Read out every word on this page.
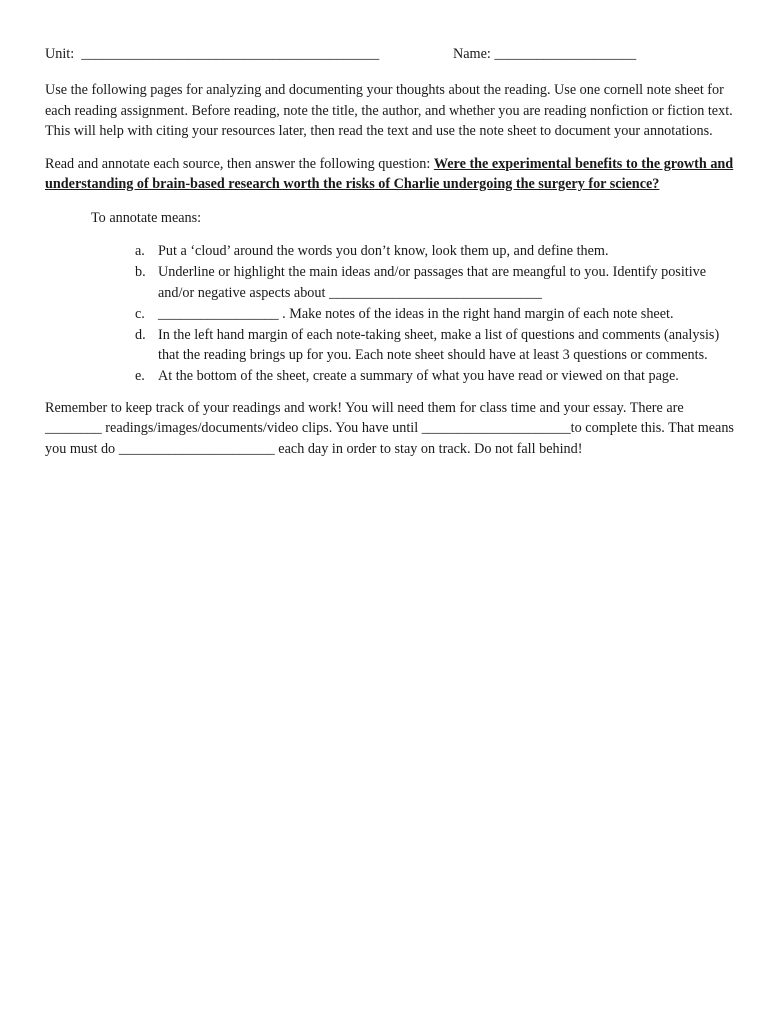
Unit:  __________________________________________	Name: ____________________

Use the following pages for analyzing and documenting your thoughts about the reading. Use one cornell note sheet for each reading assignment. Before reading, note the title, the author, and whether you are reading nonfiction or fiction text. This will help with citing your resources later, then read the text and use the note sheet to document your annotations.

Read and annotate each source, then answer the following question: Were the experimental benefits to the growth and understanding of brain-based research worth the risks of Charlie undergoing the surgery for science?

To annotate means:

a. Put a ‘cloud’ around the words you don’t know, look them up, and define them.
b. Underline or highlight the main ideas and/or passages that are meangful to you. Identify positive and/or negative aspects about ______________________________
c. _________________ . Make notes of the ideas in the right hand margin of each note sheet.
d. In the left hand margin of each note-taking sheet, make a list of questions and comments (analysis) that the reading brings up for you. Each note sheet should have at least 3 questions or comments.
e. At the bottom of the sheet, create a summary of what you have read or viewed on that page.

Remember to keep track of your readings and work! You will need them for class time and your essay. There are ________ readings/images/documents/video clips. You have until _____________________to complete this. That means you must do ______________________ each day in order to stay on track. Do not fall behind!
